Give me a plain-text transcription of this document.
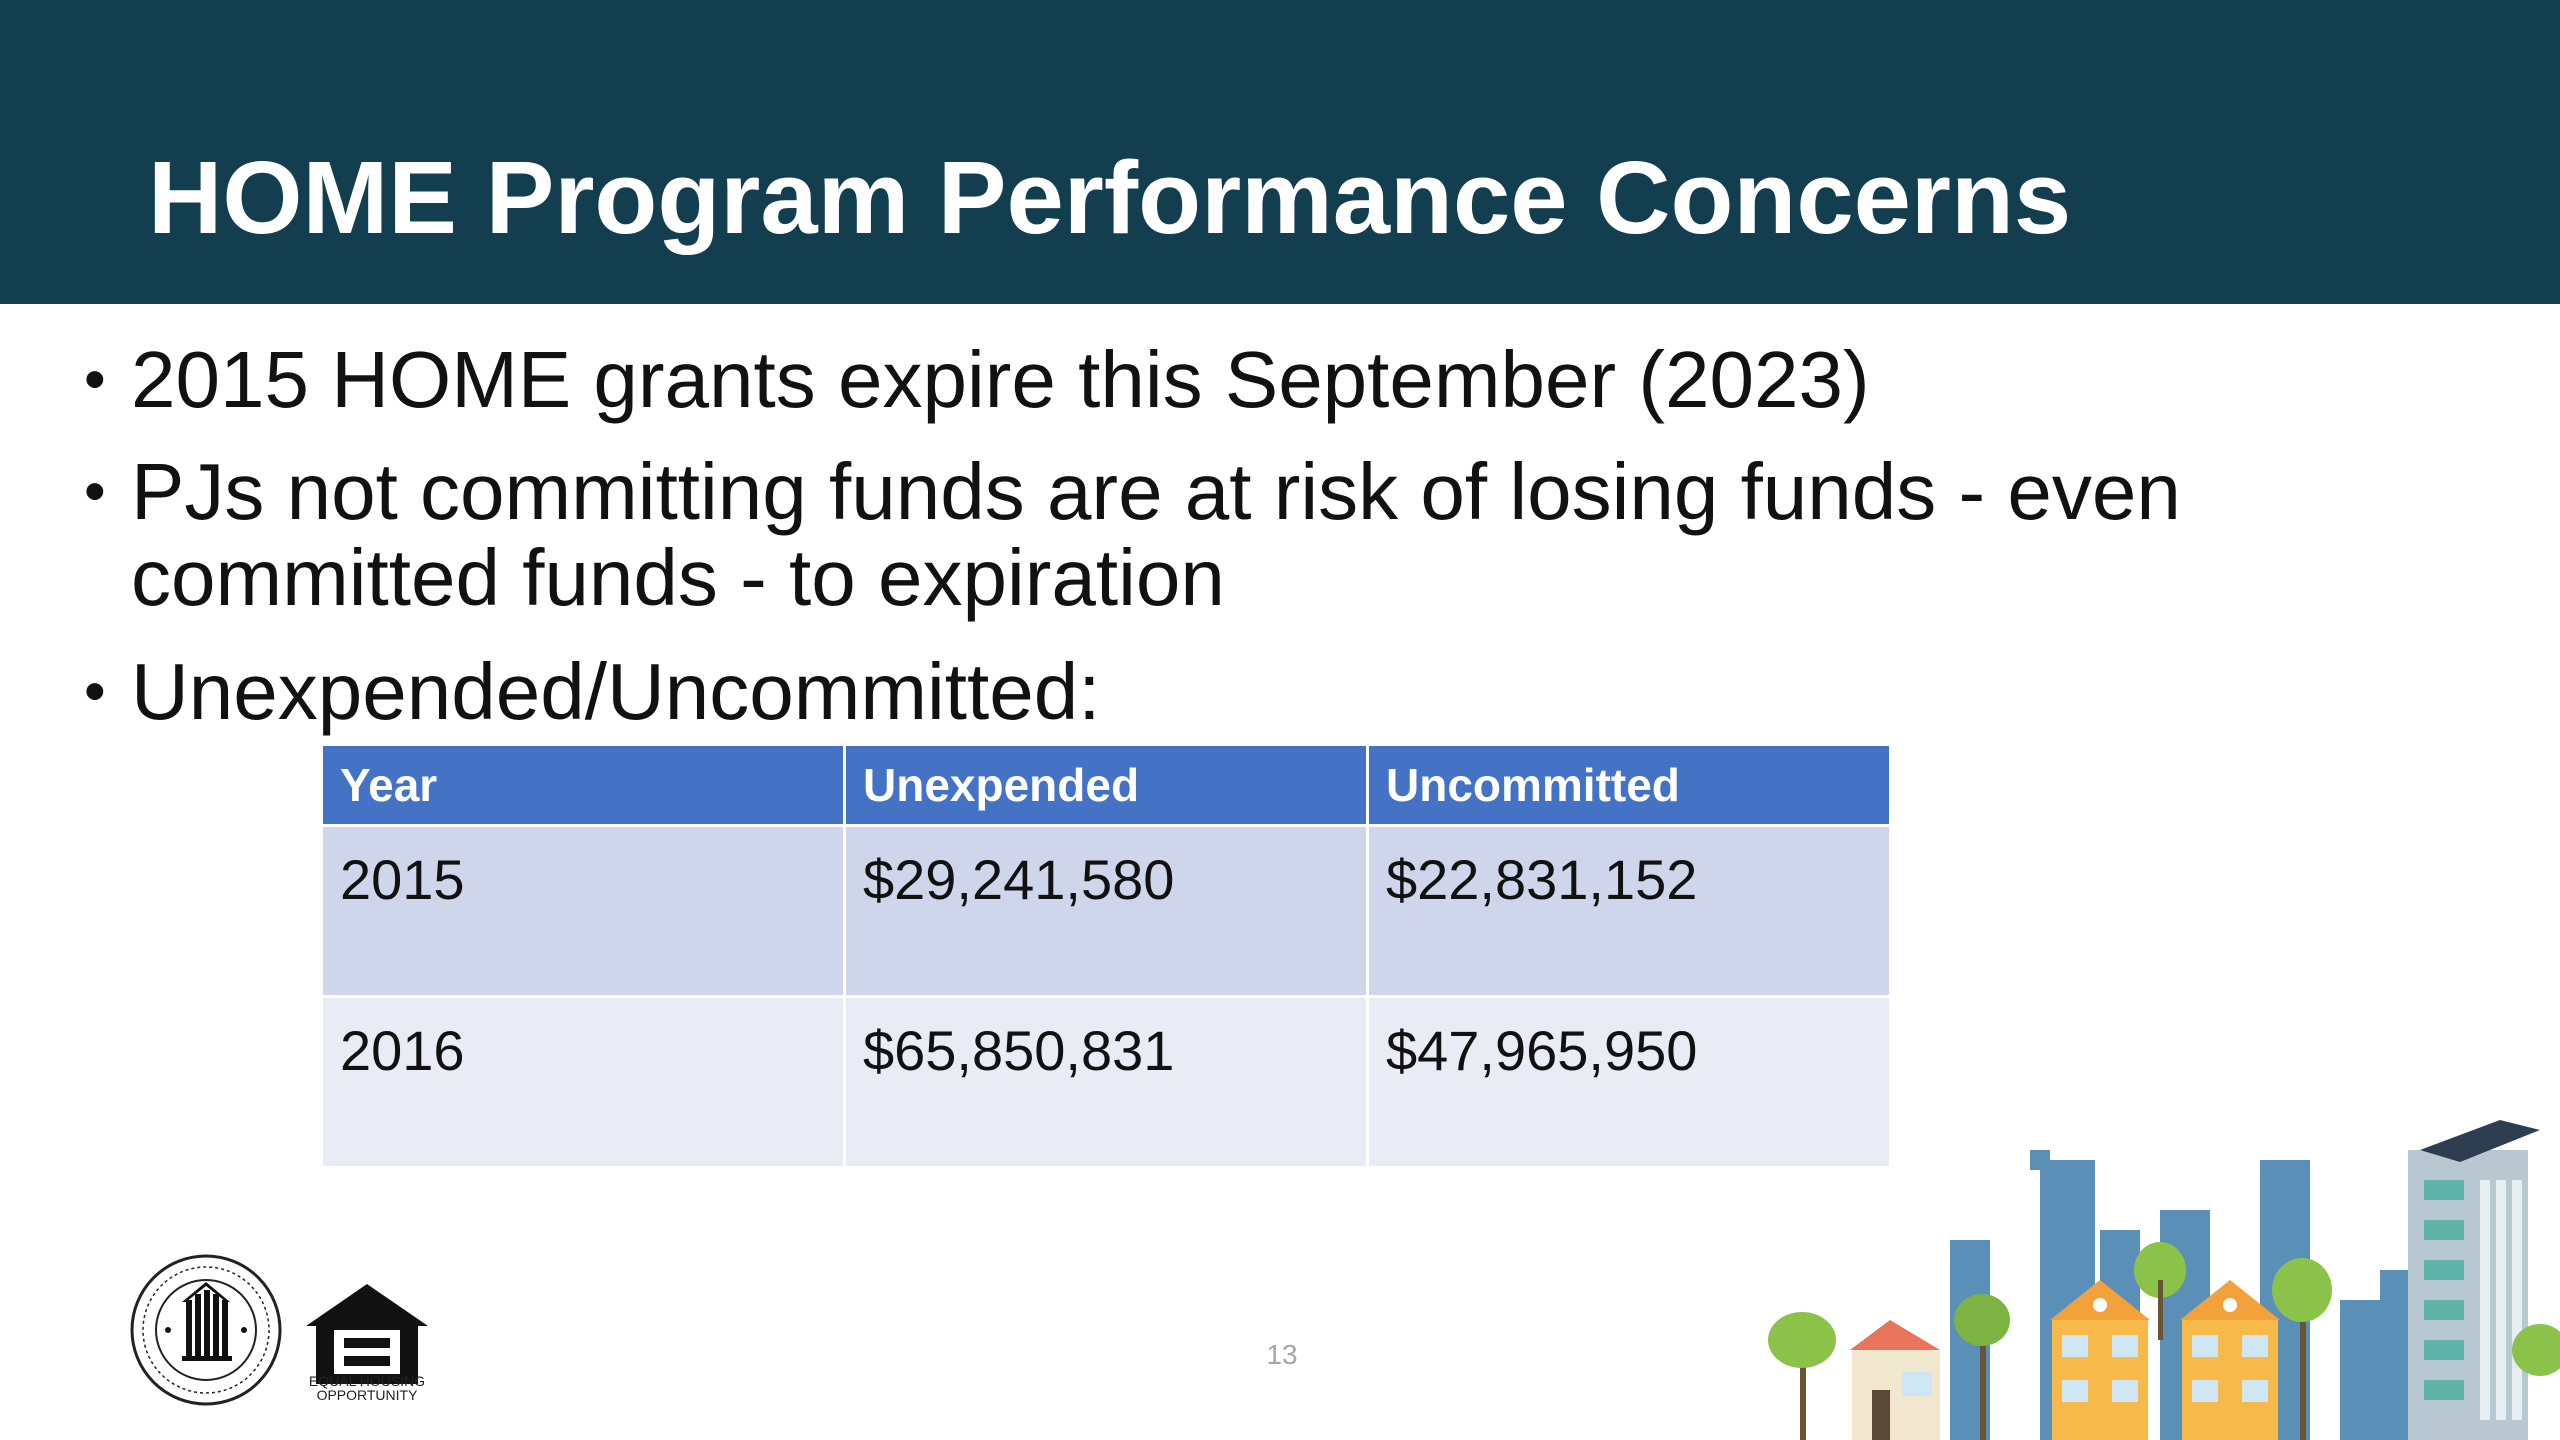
HOME Program Performance Concerns
• 2015 HOME grants expire this September (2023)
• PJs not committing funds are at risk of losing funds - even
committed funds - to expiration
• Unexpended/Uncommitted:
Year	Unexpended	Uncommitted
2015	$29,241,580	$22,831,152
2016	$65,850,831	$47,965,950
EQUAL HOUSING
OPPORTUNITY
13
